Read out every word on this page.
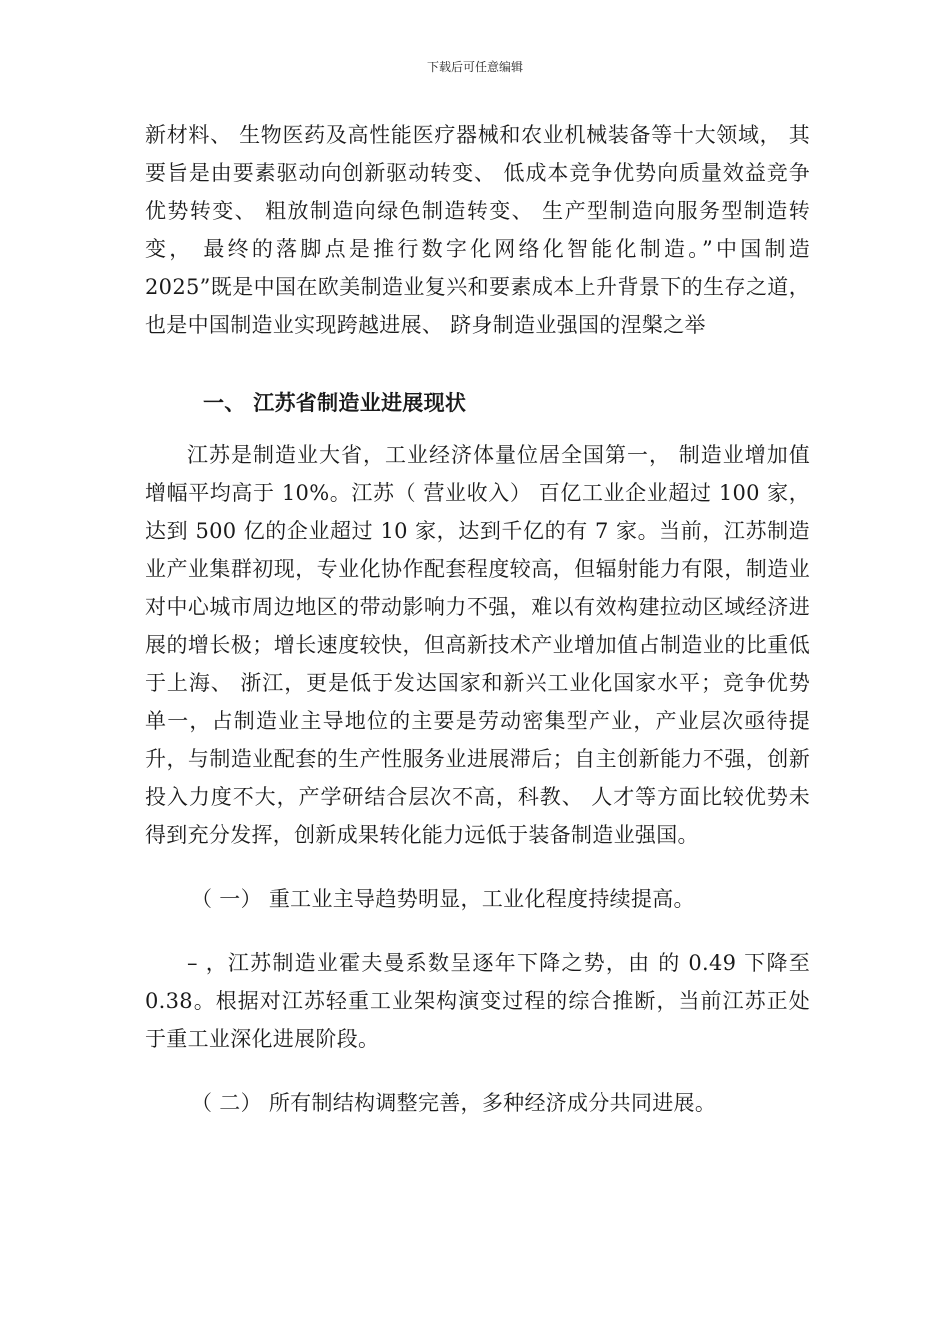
下载后可任意编辑

新材料、 生物医药及高性能医疗器械和农业机械装备等十大领域， 其要旨是由要素驱动向创新驱动转变、 低成本竞争优势向质量效益竞争优势转变、 粗放制造向绿色制造转变、 生产型制造向服务型制造转变， 最终的落脚点是推行数字化网络化智能化制造。”中国制造 2025”既是中国在欧美制造业复兴和要素成本上升背景下的生存之道， 也是中国制造业实现跨越进展、 跻身制造业强国的涅槃之举

一、 江苏省制造业进展现状

江苏是制造业大省，工业经济体量位居全国第一， 制造业增加值增幅平均高于 10%。江苏（ 营业收入） 百亿工业企业超过 100 家，达到 500 亿的企业超过 10 家，达到千亿的有 7 家。当前，江苏制造业产业集群初现，专业化协作配套程度较高，但辐射能力有限，制造业对中心城市周边地区的带动影响力不强，难以有效构建拉动区域经济进展的增长极；增长速度较快，但高新技术产业增加值占制造业的比重低于上海、 浙江，更是低于发达国家和新兴工业化国家水平；竞争优势单一，占制造业主导地位的主要是劳动密集型产业，产业层次亟待提升，与制造业配套的生产性服务业进展滞后；自主创新能力不强，创新投入力度不大，产学研结合层次不高，科教、 人才等方面比较优势未得到充分发挥，创新成果转化能力远低于装备制造业强国。

（ 一） 重工业主导趋势明显，工业化程度持续提高。

– ，江苏制造业霍夫曼系数呈逐年下降之势，由 的 0.49 下降至 0.38。根据对江苏轻重工业架构演变过程的综合推断，当前江苏正处于重工业深化进展阶段。

（ 二） 所有制结构调整完善，多种经济成分共同进展。
